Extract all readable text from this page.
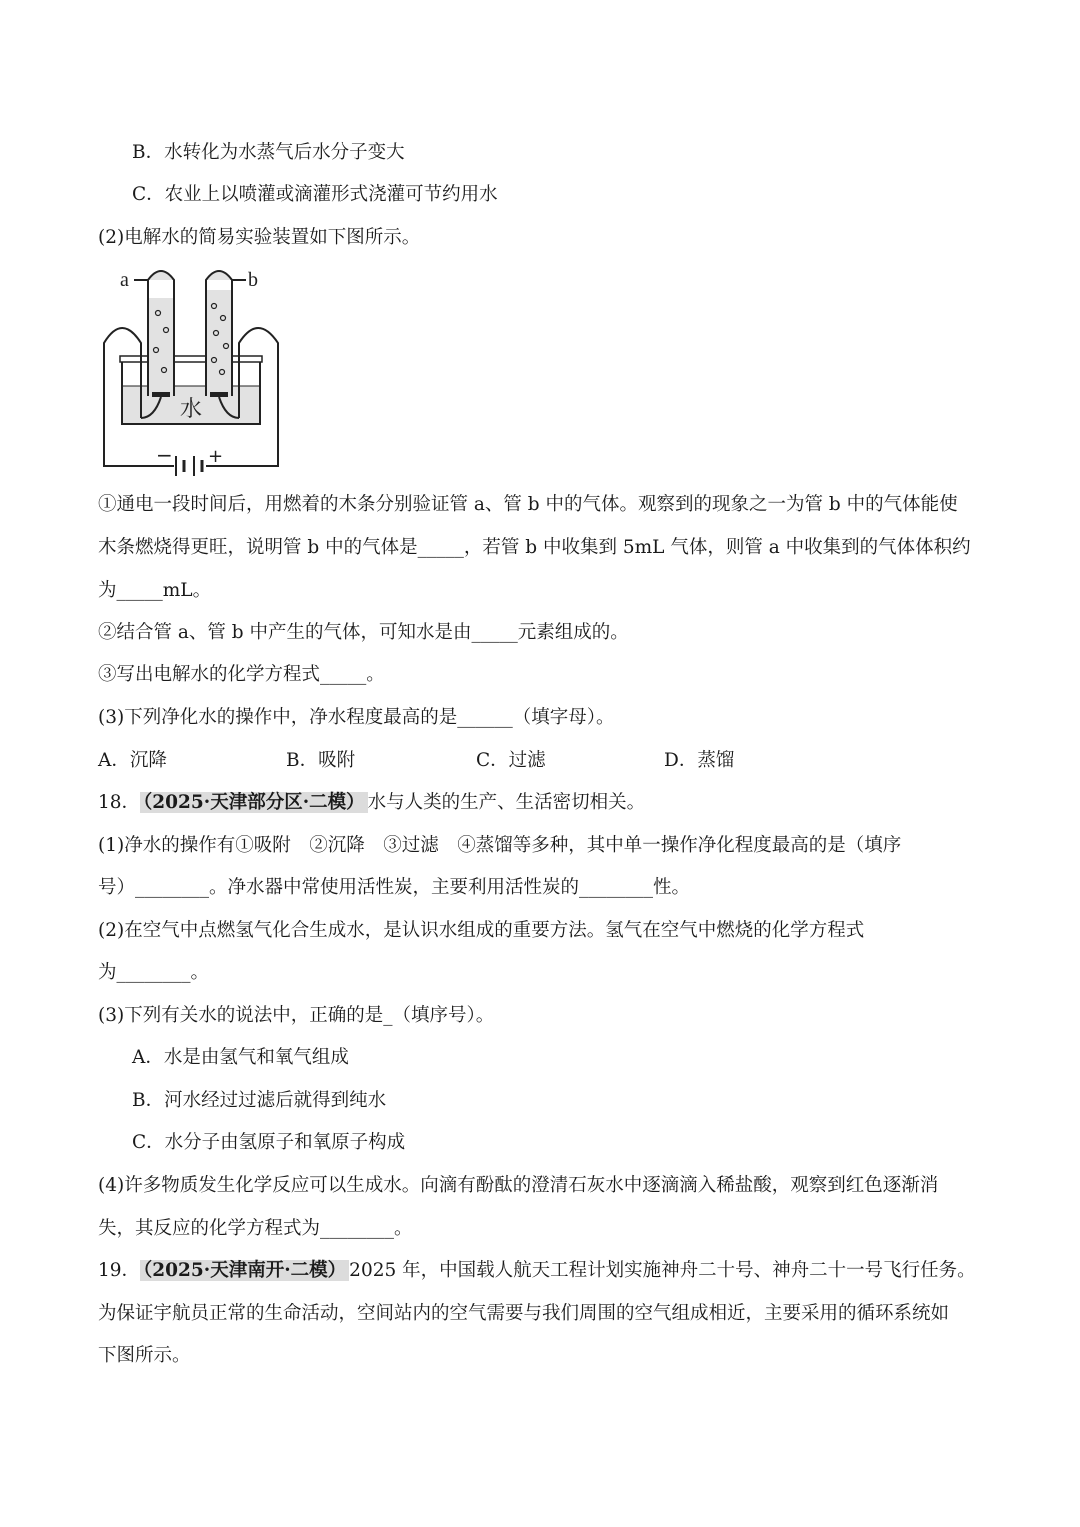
B．水转化为水蒸气后水分子变大
C．农业上以喷灌或滴灌形式浇灌可节约用水
(2)电解水的简易实验装置如下图所示。
a	b
水
− +
①通电一段时间后，用燃着的木条分别验证管 a、管 b 中的气体。观察到的现象之一为管 b 中的气体能使
木条燃烧得更旺，说明管 b 中的气体是_____，若管 b 中收集到 5mL 气体，则管 a 中收集到的气体体积约
为_____mL。
②结合管 a、管 b 中产生的气体，可知水是由_____元素组成的。
③写出电解水的化学方程式_____。
(3)下列净化水的操作中，净水程度最高的是______（填字母）。
A．沉降	B．吸附	C．过滤	D．蒸馏
18． （2025·天津部分区·二模） 水与人类的生产、生活密切相关。
(1)净水的操作有①吸附　②沉降　③过滤　④蒸馏等多种，其中单一操作净化程度最高的是（填序
号）________。净水器中常使用活性炭，主要利用活性炭的________性。
(2)在空气中点燃氢气化合生成水，是认识水组成的重要方法。氢气在空气中燃烧的化学方程式
为________。
(3)下列有关水的说法中，正确的是_（填序号）。
A．水是由氢气和氧气组成
B．河水经过过滤后就得到纯水
C．水分子由氢原子和氧原子构成
(4)许多物质发生化学反应可以生成水。向滴有酚酞的澄清石灰水中逐滴滴入稀盐酸，观察到红色逐渐消
失，其反应的化学方程式为________。
19． （2025·天津南开·二模） 2025 年，中国载人航天工程计划实施神舟二十号、神舟二十一号飞行任务。
为保证宇航员正常的生命活动，空间站内的空气需要与我们周围的空气组成相近，主要采用的循环系统如
下图所示。
